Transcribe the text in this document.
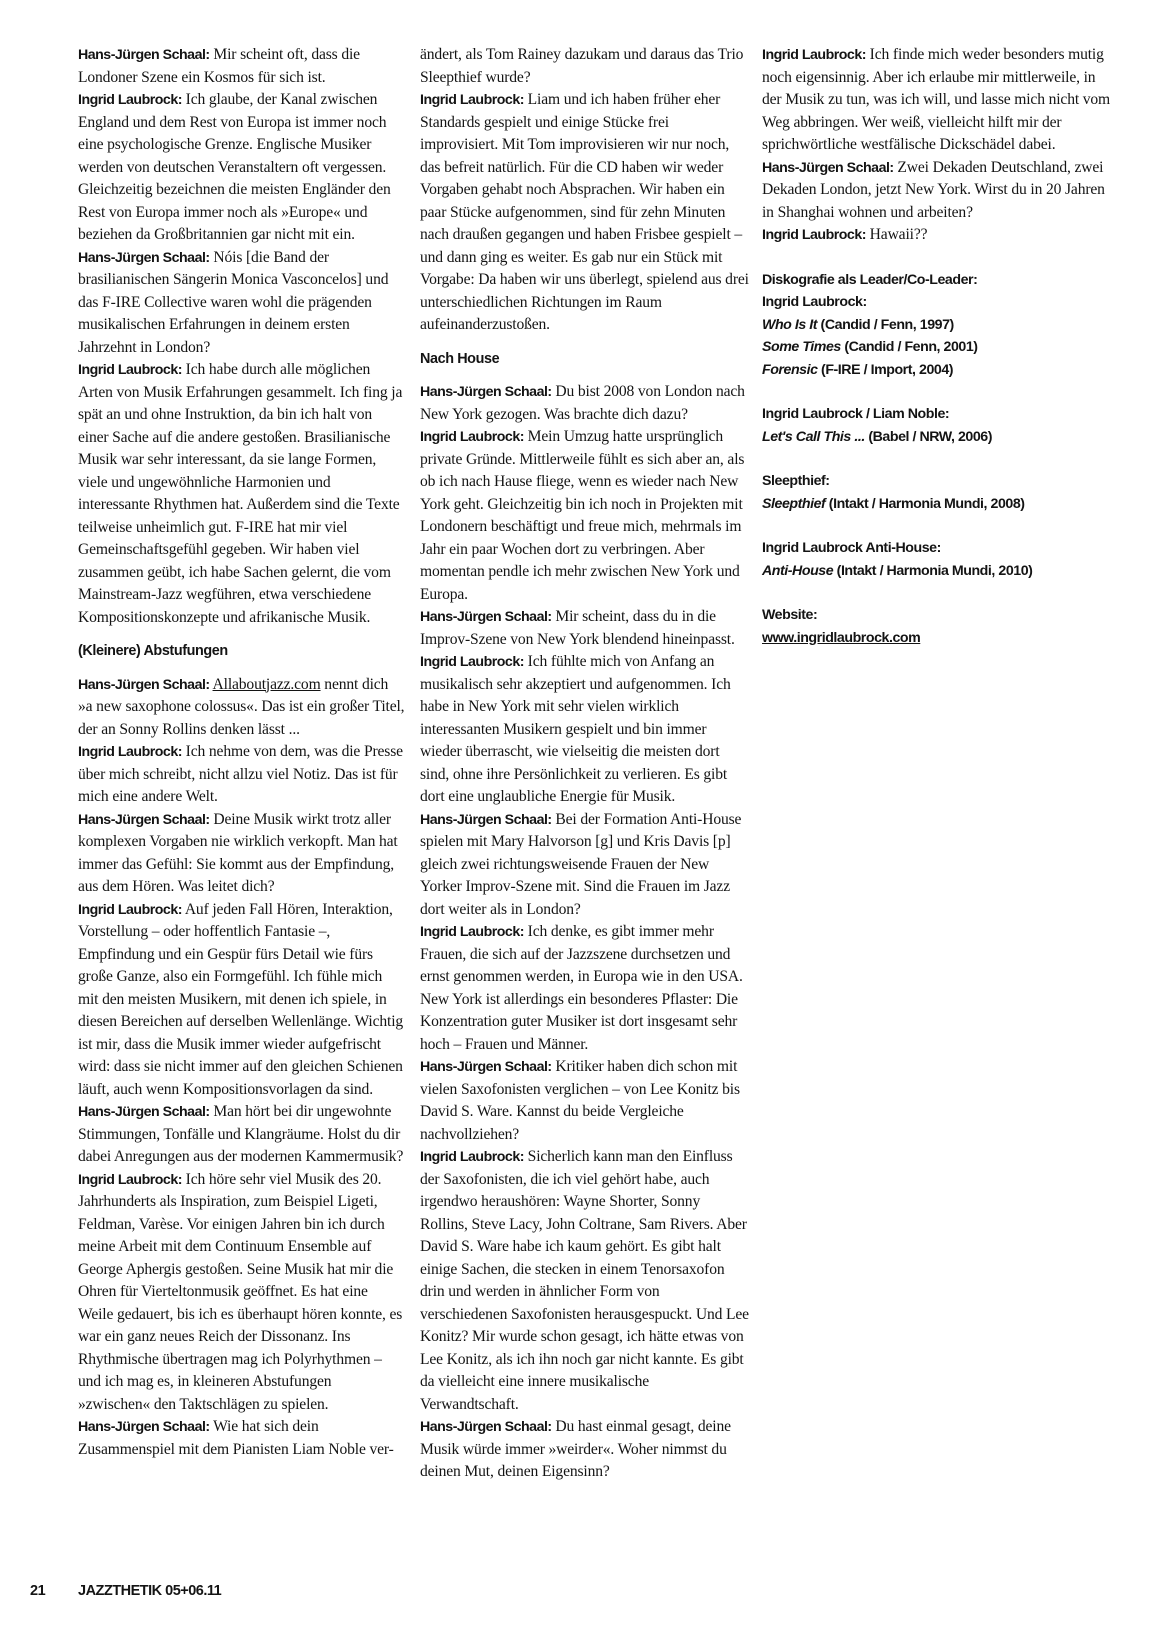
Hans-Jürgen Schaal: Mir scheint oft, dass die Londoner Szene ein Kosmos für sich ist.

Ingrid Laubrock: Ich glaube, der Kanal zwischen England und dem Rest von Europa ist immer noch eine psychologische Grenze. Englische Musiker werden von deutschen Veranstaltern oft vergessen. Gleichzeitig bezeichnen die meisten Engländer den Rest von Europa immer noch als »Europe« und beziehen da Großbritannien gar nicht mit ein.

Hans-Jürgen Schaal: Nóis [die Band der brasilianischen Sängerin Monica Vasconcelos] und das F-IRE Collective waren wohl die prägenden musikalischen Erfahrungen in deinem ersten Jahrzehnt in London?

Ingrid Laubrock: Ich habe durch alle möglichen Arten von Musik Erfahrungen gesammelt. Ich fing ja spät an und ohne Instruktion, da bin ich halt von einer Sache auf die andere gestoßen. Brasilianische Musik war sehr interessant, da sie lange Formen, viele und ungewöhnliche Harmonien und interessante Rhythmen hat. Außerdem sind die Texte teilweise unheimlich gut. F-IRE hat mir viel Gemeinschaftsgefühl gegeben. Wir haben viel zusammen geübt, ich habe Sachen gelernt, die vom Mainstream-Jazz wegführen, etwa verschiedene Kompositionskonzepte und afrikanische Musik.

(Kleinere) Abstufungen

Hans-Jürgen Schaal: Allaboutjazz.com nennt dich »a new saxophone colossus«. Das ist ein großer Titel, der an Sonny Rollins denken lässt ...

Ingrid Laubrock: Ich nehme von dem, was die Presse über mich schreibt, nicht allzu viel Notiz. Das ist für mich eine andere Welt.

Hans-Jürgen Schaal: Deine Musik wirkt trotz aller komplexen Vorgaben nie wirklich verkopft. Man hat immer das Gefühl: Sie kommt aus der Empfindung, aus dem Hören. Was leitet dich?

Ingrid Laubrock: Auf jeden Fall Hören, Interaktion, Vorstellung – oder hoffentlich Fantasie –, Empfindung und ein Gespür fürs Detail wie fürs große Ganze, also ein Formgefühl. Ich fühle mich mit den meisten Musikern, mit denen ich spiele, in diesen Bereichen auf derselben Wellenlänge. Wichtig ist mir, dass die Musik immer wieder aufgefrischt wird: dass sie nicht immer auf den gleichen Schienen läuft, auch wenn Kompositionsvorlagen da sind.

Hans-Jürgen Schaal: Man hört bei dir ungewohnte Stimmungen, Tonfälle und Klangräume. Holst du dir dabei Anregungen aus der modernen Kammermusik?

Ingrid Laubrock: Ich höre sehr viel Musik des 20. Jahrhunderts als Inspiration, zum Beispiel Ligeti, Feldman, Varèse. Vor einigen Jahren bin ich durch meine Arbeit mit dem Continuum Ensemble auf George Aphergis gestoßen. Seine Musik hat mir die Ohren für Vierteltonmusik geöffnet. Es hat eine Weile gedauert, bis ich es überhaupt hören konnte, es war ein ganz neues Reich der Dissonanz. Ins Rhythmische übertragen mag ich Polyrhythmen – und ich mag es, in kleineren Abstufungen »zwischen« den Taktschlägen zu spielen.

Hans-Jürgen Schaal: Wie hat sich dein Zusammenspiel mit dem Pianisten Liam Noble ver-

ändert, als Tom Rainey dazukam und daraus das Trio Sleepthief wurde?

Ingrid Laubrock: Liam und ich haben früher eher Standards gespielt und einige Stücke frei improvisiert. Mit Tom improvisieren wir nur noch, das befreit natürlich. Für die CD haben wir weder Vorgaben gehabt noch Absprachen. Wir haben ein paar Stücke aufgenommen, sind für zehn Minuten nach draußen gegangen und haben Frisbee gespielt – und dann ging es weiter. Es gab nur ein Stück mit Vorgabe: Da haben wir uns überlegt, spielend aus drei unterschiedlichen Richtungen im Raum aufeinanderzustoßen.

Nach House

Hans-Jürgen Schaal: Du bist 2008 von London nach New York gezogen. Was brachte dich dazu?

Ingrid Laubrock: Mein Umzug hatte ursprünglich private Gründe. Mittlerweile fühlt es sich aber an, als ob ich nach Hause fliege, wenn es wieder nach New York geht. Gleichzeitig bin ich noch in Projekten mit Londonern beschäftigt und freue mich, mehrmals im Jahr ein paar Wochen dort zu verbringen. Aber momentan pendle ich mehr zwischen New York und Europa.

Hans-Jürgen Schaal: Mir scheint, dass du in die Improv-Szene von New York blendend hineinpasst.

Ingrid Laubrock: Ich fühlte mich von Anfang an musikalisch sehr akzeptiert und aufgenommen. Ich habe in New York mit sehr vielen wirklich interessanten Musikern gespielt und bin immer wieder überrascht, wie vielseitig die meisten dort sind, ohne ihre Persönlichkeit zu verlieren. Es gibt dort eine unglaubliche Energie für Musik.

Hans-Jürgen Schaal: Bei der Formation Anti-House spielen mit Mary Halvorson [g] und Kris Davis [p] gleich zwei richtungsweisende Frauen der New Yorker Improv-Szene mit. Sind die Frauen im Jazz dort weiter als in London?

Ingrid Laubrock: Ich denke, es gibt immer mehr Frauen, die sich auf der Jazzszene durchsetzen und ernst genommen werden, in Europa wie in den USA. New York ist allerdings ein besonderes Pflaster: Die Konzentration guter Musiker ist dort insgesamt sehr hoch – Frauen und Männer.

Hans-Jürgen Schaal: Kritiker haben dich schon mit vielen Saxofonisten verglichen – von Lee Konitz bis David S. Ware. Kannst du beide Vergleiche nachvollziehen?

Ingrid Laubrock: Sicherlich kann man den Einfluss der Saxofonisten, die ich viel gehört habe, auch irgendwo heraushören: Wayne Shorter, Sonny Rollins, Steve Lacy, John Coltrane, Sam Rivers. Aber David S. Ware habe ich kaum gehört. Es gibt halt einige Sachen, die stecken in einem Tenorsaxofon drin und werden in ähnlicher Form von verschiedenen Saxofonisten herausgespuckt. Und Lee Konitz? Mir wurde schon gesagt, ich hätte etwas von Lee Konitz, als ich ihn noch gar nicht kannte. Es gibt da vielleicht eine innere musikalische Verwandtschaft.

Hans-Jürgen Schaal: Du hast einmal gesagt, deine Musik würde immer »weirder«. Woher nimmst du deinen Mut, deinen Eigensinn?

Ingrid Laubrock: Ich finde mich weder besonders mutig noch eigensinnig. Aber ich erlaube mir mittlerweile, in der Musik zu tun, was ich will, und lasse mich nicht vom Weg abbringen. Wer weiß, vielleicht hilft mir der sprichwörtliche westfälische Dickschädel dabei.

Hans-Jürgen Schaal: Zwei Dekaden Deutschland, zwei Dekaden London, jetzt New York. Wirst du in 20 Jahren in Shanghai wohnen und arbeiten?

Ingrid Laubrock: Hawaii??

Diskografie als Leader/Co-Leader:

Ingrid Laubrock:

Who Is It (Candid / Fenn, 1997)

Some Times (Candid / Fenn, 2001)

Forensic (F-IRE / Import, 2004)

Ingrid Laubrock / Liam Noble:

Let's Call This ... (Babel / NRW, 2006)

Sleepthief:

Sleepthief (Intakt / Harmonia Mundi, 2008)

Ingrid Laubrock Anti-House:

Anti-House (Intakt / Harmonia Mundi, 2010)

Website:

www.ingridlaubrock.com

21 JAZZTHETIK 05+06.11
